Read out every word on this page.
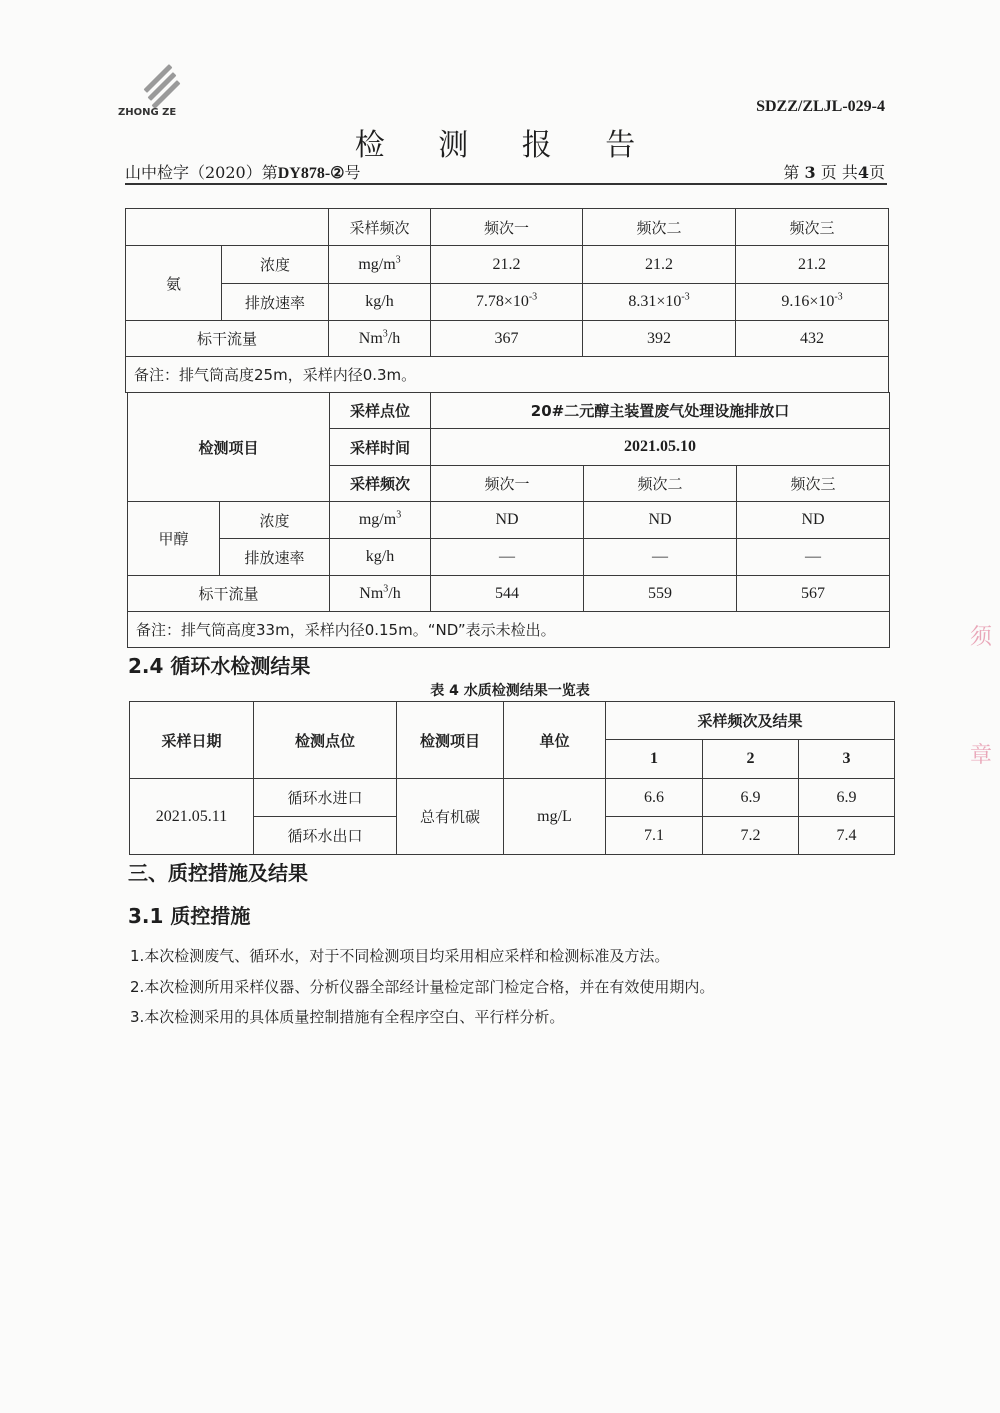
ZHONG ZE	SDZZ/ZLJL-029-4
检 测 报 告
山中检字（2020）第DY878-②号	第 3 页 共4页
		采样频次	频次一	频次二	频次三
氨	浓度	$mg/m^3$	21.2	21.2	21.2
	排放速率	kg/h	$7.78\times 10^{-3}$	$8.31\times 10^{-3}$	$9.16\times 10^{-3}$
标干流量		Nm$^3$/h	367	392	432
备注：排气筒高度25m，采样内径0.3m。					
检测项目		采样点位	20#二元醇主装置废气处理设施排放口		
		采样时间	2021.05.10		
		采样频次	频次一	频次二	频次三
甲醇	浓度	$mg/m^3$	ND	ND	ND
	排放速率	kg/h	—	—	—
标干流量		Nm$^3$/h	544	559	567
备注：排气筒高度33m，采样内径0.15m。“ND”表示未检出。					
2.4 循环水检测结果
表 4 水质检测结果一览表
采样日期	检测点位	检测项目	单位	采样频次及结果		
				1	2	3
2021.05.11	循环水进口	总有机碳	mg/L	6.6	6.9	6.9
	循环水出口			7.1	7.2	7.4
三、质控措施及结果
3.1 质控措施
1.本次检测废气、循环水，对于不同检测项目均采用相应采样和检测标准及方法。
2.本次检测所用采样仪器、分析仪器全部经计量检定部门检定合格，并在有效使用期内。
3.本次检测采用的具体质量控制措施有全程序空白、平行样分析。
须
章
